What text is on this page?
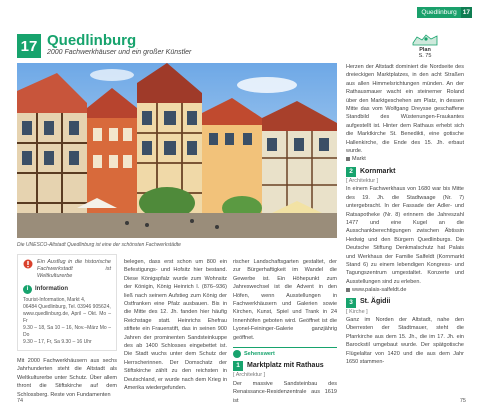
Quedlinburg 17
17 Quedlinburg
2000 Fachwerkhäuser und ein großer Künstler	Plan
S. 75
Die UNESCO-Altstadt Quedlinburg ist eine der schönsten Fachwerkstädte
Ein Ausflug in die historische Fachwerkstadt ist Weltkulturerbe
i	Information
Tourist-Information, Markt 4,
06484 Quedlinburg, Tel. 03946 905624,
www.quedlinburg.de, April – Okt. Mo – Fr
9.30 – 18, Sa 10 – 16, Nov.–März Mo – Do
9.30 – 17, Fr, Sa 9.30 – 16 Uhr

Mit 2000 Fachwerkhäusern aus sechs Jahrhunderten steht die Altstadt als Weltkulturerbe unter Schutz. Über allem thront die Stiftskirche auf dem Schlossberg. Reste von Fundamenten

belegen, dass erst schon um 800 ein Befestigungs- und Hofsitz hier bestand. Diese Königspfalz wurde zum Wohnsitz der Königin, König Heinrich I. (876–936) ließ nach seinem Aufstieg zum König der Ostfranken eine Pfalz ausbauen. Bis in die Mitte des 12. Jh. fanden hier häufig Reichstage statt. Heinrichs Ehefrau stiftete ein Frauenstift, das in seinen 900 Jahren der prominenten Sandsteinkuppe des ab 1400 Schlosses eingebettet ist. Die Stadt wuchs unter dem Schutz der Herrscherinnen. Der Domschatz der Stiftskirche zählt zu den reichsten in Deutschland, er wurde nach dem Krieg in Amerika wiedergefunden.

rischer Landschaftsgarten gestaltet, der zur Bürgerhaftigkeit im Wandel die Gewerbe ist. Ein Höhepunkt zum Jahreswechsel ist die Advent in den Höfen, wenn Ausstellungen in Fachwerkhäusern und Galerien sowie Kirchen, Kunst, Spiel und Trank in 24 Innenhöfen geboten wird. Geöffnet ist die Lyonel-Feininger-Galerie ganzjährig geöffnet.

Sehenswert
1	Marktplatz mit Rathaus
[ Architektur ]

Der massive Sandsteinbau des Renaissance-Residenzentrale aus 1619 ist

Herzen der Altstadt dominiert die Nordseite des dreieckigen Marktplatzes, in den acht Straßen aus allen Himmelsrichtungen münden. An der Rathausmauer wacht ein steinerner Roland über den Marktgeschehen am Platz, in dessen Mitte das vom Wolfgang Dreysse geschaffene Standbild des Wüstenungen-Fraukantes aufgestellt ist. Hinter dem Rathaus erhebt sich die Marktkirche St. Benedikti, eine gotische Hallenkirche, die Ende des 15. Jh. erbaut wurde.

Markt
2	Kornmarkt
[ Architektur ]

In einem Fachwerkhaus von 1680 war bis Mitte des 19. Jh. die Stadtwaage (Nr. 7) untergebracht. In der Fassade der Adler- und Ratsapotheke (Nr. 8) erinnern die Jahreszahl 1477 und eine Kugel an die Ausschankberechtigungen zwischen Äbtissin Hedwig und den Bürgern Quedlinburgs. Die Deutsche Stiftung Denkmalschutz hat Palais und Werkhaus der Familie Salfeldt (Kornmarkt Stand 6) zu einem lebendigen Kongress- und Tagungszentrum umgestaltet. Konzerte und Ausstellungen sind zu erleben.

www.palais-salfeldt.de
3	St. Ägidii
[ Kirche ]

Ganz im Norden der Altstadt, nahe den Überresten der Stadtmauer, steht die Pfarrkirche aus dem 15. Jh., die im 17. Jh. ein Barockstil umgebaut wurde. Der spätgotische Flügelaltar von 1420 und die aus dem Jahr 1650 stammen-

74	75
